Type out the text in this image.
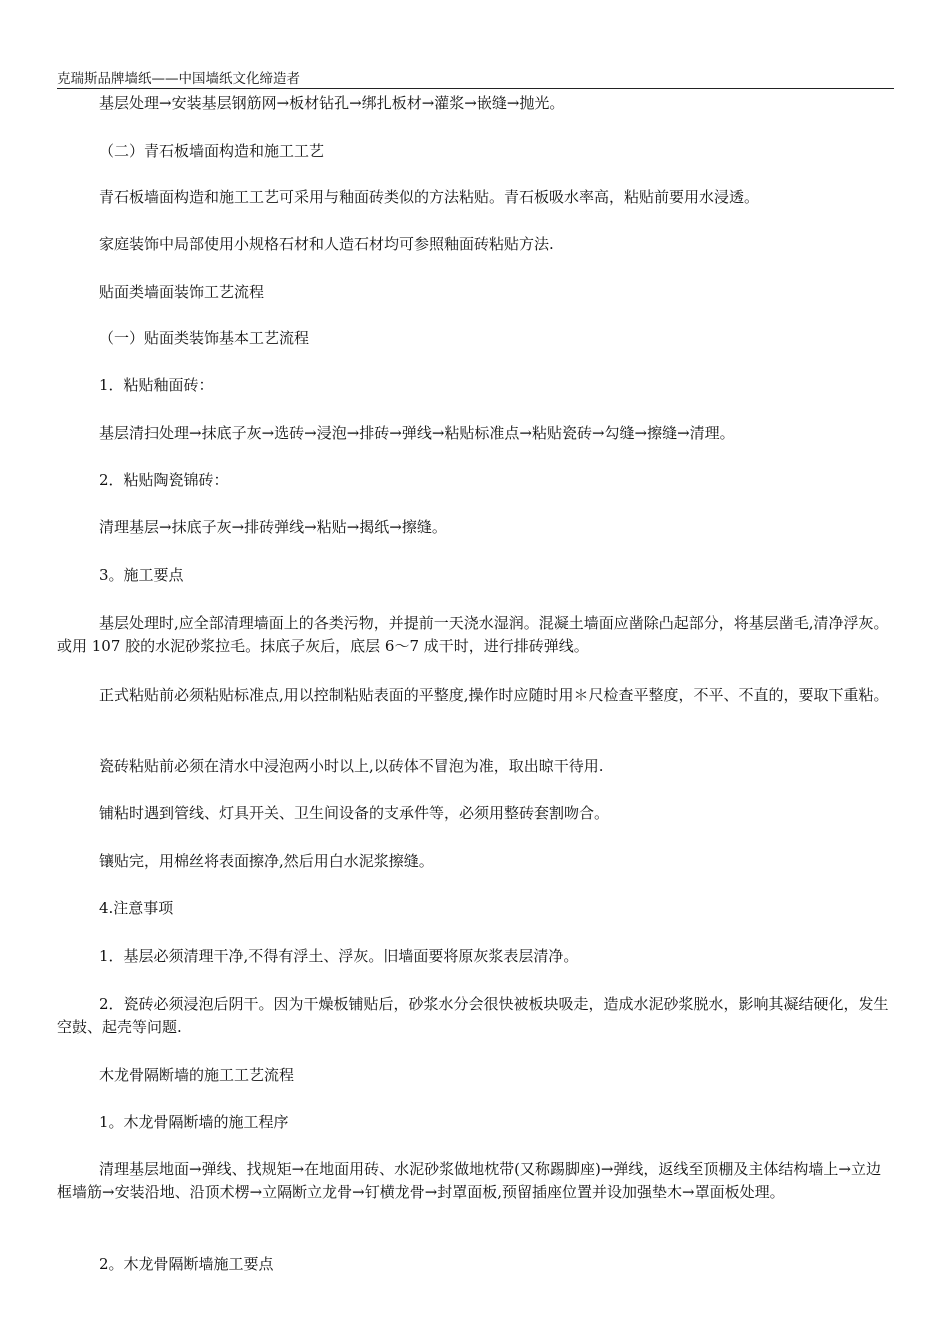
克瑞斯品牌墙纸——中国墙纸文化缔造者
基层处理→安装基层钢筋网→板材钻孔→绑扎板材→灌浆→嵌缝→抛光。
（二）青石板墙面构造和施工工艺
青石板墙面构造和施工工艺可采用与釉面砖类似的方法粘贴。青石板吸水率高，粘贴前要用水浸透。
家庭装饰中局部使用小规格石材和人造石材均可参照釉面砖粘贴方法.
贴面类墙面装饰工艺流程
（一）贴面类装饰基本工艺流程
1．粘贴釉面砖：
基层清扫处理→抹底子灰→选砖→浸泡→排砖→弹线→粘贴标准点→粘贴瓷砖→勾缝→擦缝→清理。
2．粘贴陶瓷锦砖：
清理基层→抹底子灰→排砖弹线→粘贴→揭纸→擦缝。
3。施工要点
基层处理时,应全部清理墙面上的各类污物，并提前一天浇水湿润。混凝土墙面应凿除凸起部分，将基层凿毛,清净浮灰。或用 107 胶的水泥砂浆拉毛。抹底子灰后，底层 6～7 成干时，进行排砖弹线。
正式粘贴前必须粘贴标准点,用以控制粘贴表面的平整度,操作时应随时用＊尺检查平整度，不平、不直的，要取下重粘。
瓷砖粘贴前必须在清水中浸泡两小时以上,以砖体不冒泡为准，取出晾干待用.
铺粘时遇到管线、灯具开关、卫生间设备的支承件等，必须用整砖套割吻合。
镶贴完，用棉丝将表面擦净,然后用白水泥浆擦缝。
4.注意事项
1．基层必须清理干净,不得有浮土、浮灰。旧墙面要将原灰浆表层清净。
2．瓷砖必须浸泡后阴干。因为干燥板铺贴后，砂浆水分会很快被板块吸走，造成水泥砂浆脱水，影响其凝结硬化，发生空鼓、起壳等问题.
木龙骨隔断墙的施工工艺流程
1。木龙骨隔断墙的施工程序
清理基层地面→弹线、找规矩→在地面用砖、水泥砂浆做地枕带(又称踢脚座)→弹线，返线至顶棚及主体结构墙上→立边框墙筋→安装沿地、沿顶术楞→立隔断立龙骨→钉横龙骨→封罩面板,预留插座位置并设加强垫木→罩面板处理。
2。木龙骨隔断墙施工要点
